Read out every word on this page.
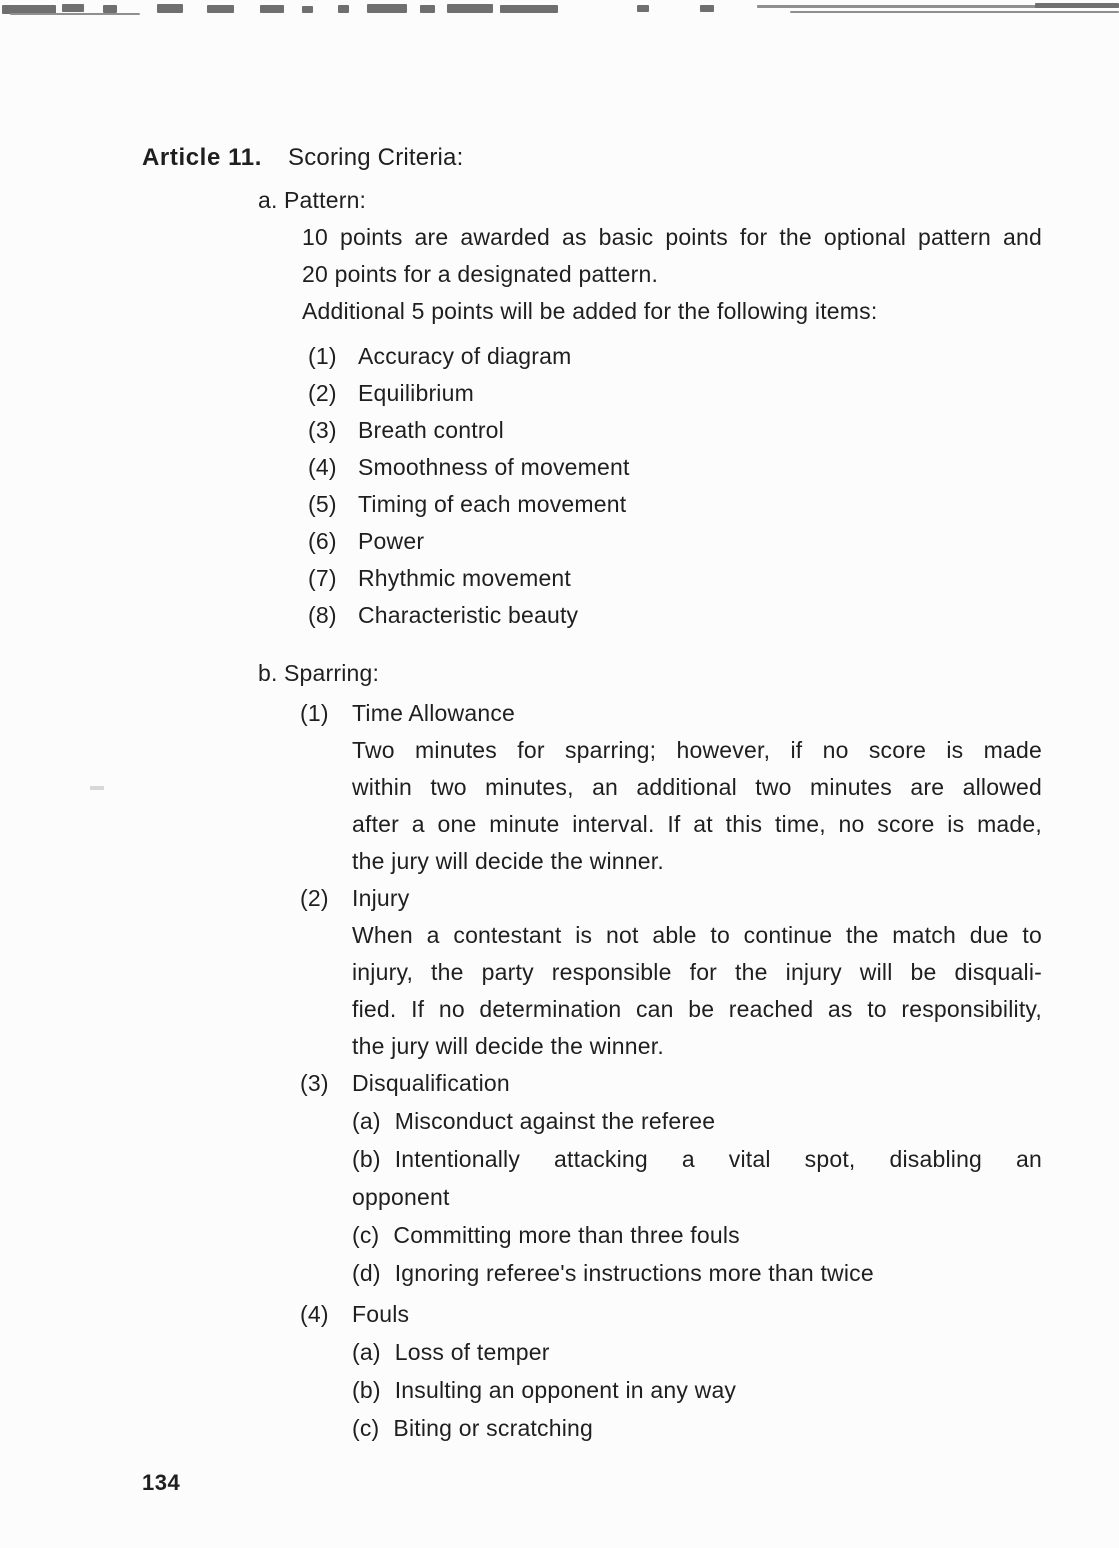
Article 11. Scoring Criteria:
a. Pattern:
10 points are awarded as basic points for the optional pattern and
20 points for a designated pattern.
Additional 5 points will be added for the following items:
(1) Accuracy of diagram
(2) Equilibrium
(3) Breath control
(4) Smoothness of movement
(5) Timing of each movement
(6) Power
(7) Rhythmic movement
(8) Characteristic beauty
b. Sparring:
(1) Time Allowance
Two minutes for sparring; however, if no score is made
within two minutes, an additional two minutes are allowed
after a one minute interval. If at this time, no score is made,
the jury will decide the winner.
(2) Injury
When a contestant is not able to continue the match due to
injury, the party responsible for the injury will be disquali-
fied. If no determination can be reached as to responsibility,
the jury will decide the winner.
(3) Disqualification
(a) Misconduct against the referee
(b) Intentionally attacking a vital spot, disabling an
opponent
(c) Committing more than three fouls
(d) Ignoring referee's instructions more than twice
(4) Fouls
(a) Loss of temper
(b) Insulting an opponent in any way
(c) Biting or scratching
134
